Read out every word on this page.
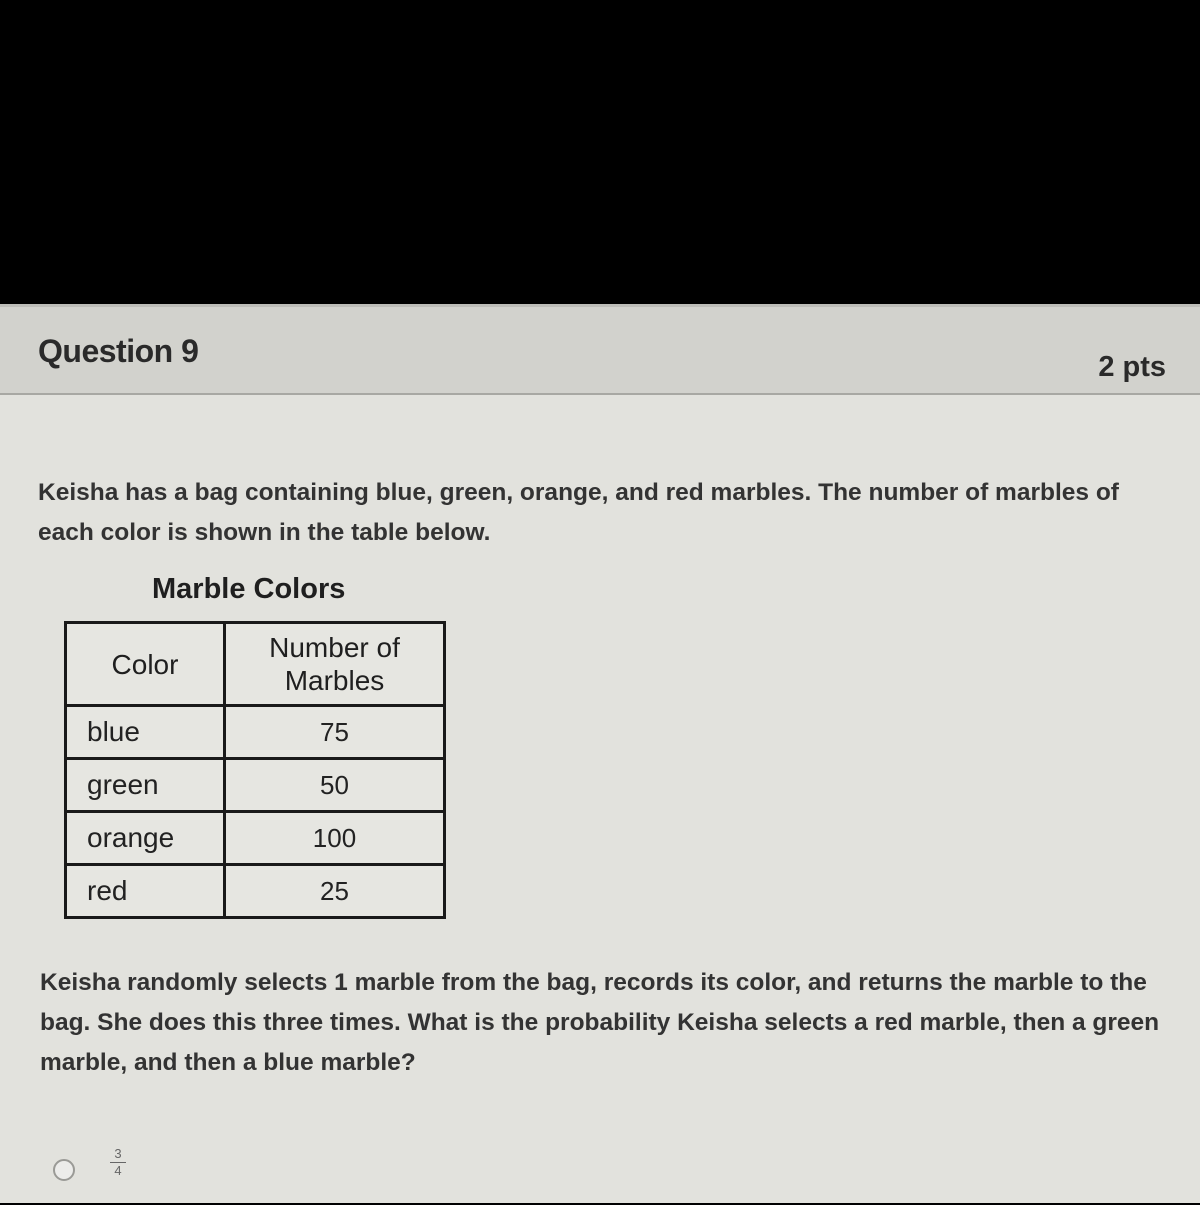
Question 9	2 pts
Keisha has a bag containing blue, green, orange, and red marbles. The number of marbles of each color is shown in the table below.
Marble Colors
Color	Number of Marbles
blue	75
green	50
orange	100
red	25
Keisha randomly selects 1 marble from the bag, records its color, and returns the marble to the bag. She does this three times. What is the probability Keisha selects a red marble, then a green marble, and then a blue marble?
3
4
